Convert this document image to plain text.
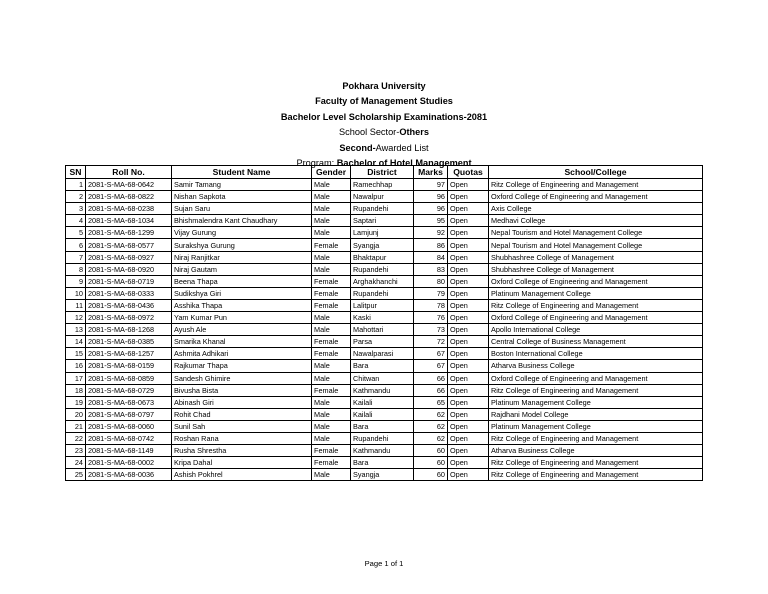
Pokhara University
Faculty of Management Studies
Bachelor Level Scholarship Examinations-2081
School Sector-Others
Second-Awarded List
Program: Bachelor of Hotel Management
SN	Roll No.	Student Name	Gender	District	Marks	Quotas	School/College
1	2081-S-MA-68-0642	Samir Tamang	Male	Ramechhap	97	Open	Ritz College of Engineering and Management
2	2081-S-MA-68-0822	Nishan Sapkota	Male	Nawalpur	96	Open	Oxford College of Engineering and Management
3	2081-S-MA-68-0238	Sujan Saru	Male	Rupandehi	96	Open	Axis College
4	2081-S-MA-68-1034	Bhishmalendra Kant Chaudhary	Male	Saptari	95	Open	Medhavi College
5	2081-S-MA-68-1299	Vijay Gurung	Male	Lamjunj	92	Open	Nepal Tourism and Hotel Management College
6	2081-S-MA-68-0577	Surakshya Gurung	Female	Syangja	86	Open	Nepal Tourism and Hotel Management College
7	2081-S-MA-68-0927	Niraj Ranjitkar	Male	Bhaktapur	84	Open	Shubhashree College of Management
8	2081-S-MA-68-0920	Niraj Gautam	Male	Rupandehi	83	Open	Shubhashree College of Management
9	2081-S-MA-68-0719	Beena Thapa	Female	Arghakhanchi	80	Open	Oxford College of Engineering and Management
10	2081-S-MA-68-0333	Sudikshya Giri	Female	Rupandehi	79	Open	Platinum Management College
11	2081-S-MA-68-0436	Asshika Thapa	Female	Lalitpur	78	Open	Ritz College of Engineering and Management
12	2081-S-MA-68-0972	Yam Kumar Pun	Male	Kaski	76	Open	Oxford College of Engineering and Management
13	2081-S-MA-68-1268	Ayush Ale	Male	Mahottari	73	Open	Apollo International College
14	2081-S-MA-68-0385	Smarika Khanal	Female	Parsa	72	Open	Central College of Business Management
15	2081-S-MA-68-1257	Ashmita Adhikari	Female	Nawalparasi	67	Open	Boston International College
16	2081-S-MA-68-0159	Rajkumar Thapa	Male	Bara	67	Open	Atharva Business College
17	2081-S-MA-68-0859	Sandesh Ghimire	Male	Chitwan	66	Open	Oxford College of Engineering and Management
18	2081-S-MA-68-0729	Bivusha Bista	Female	Kathmandu	66	Open	Ritz College of Engineering and Management
19	2081-S-MA-68-0673	Abinash Giri	Male	Kailali	65	Open	Platinum Management College
20	2081-S-MA-68-0797	Rohit Chad	Male	Kailali	62	Open	Rajdhani Model College
21	2081-S-MA-68-0060	Sunil Sah	Male	Bara	62	Open	Platinum Management College
22	2081-S-MA-68-0742	Roshan Rana	Male	Rupandehi	62	Open	Ritz College of Engineering and Management
23	2081-S-MA-68-1149	Rusha Shrestha	Female	Kathmandu	60	Open	Atharva Business College
24	2081-S-MA-68-0002	Kripa Dahal	Female	Bara	60	Open	Ritz College of Engineering and Management
25	2081-S-MA-68-0036	Ashish Pokhrel	Male	Syangja	60	Open	Ritz College of Engineering and Management
Page 1 of 1
